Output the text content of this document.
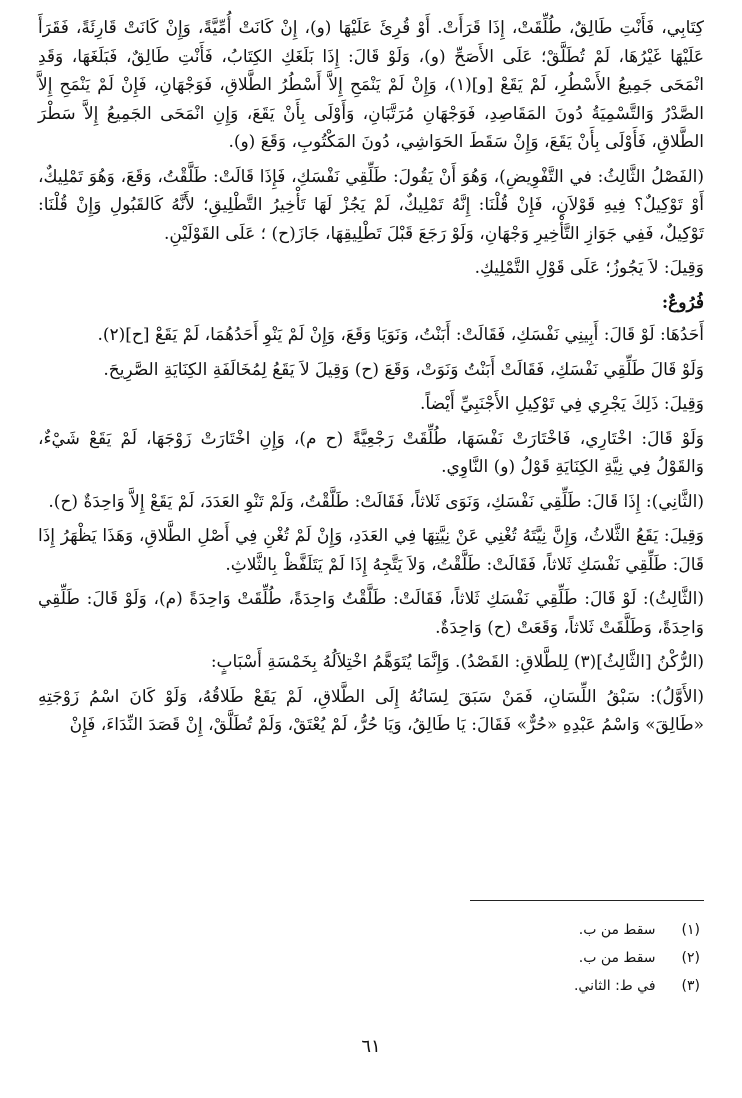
كِتَابِي، فَأَنْتِ طَالِقٌ، طُلِّقَتْ، إِذَا قَرَأَتْ. أَوْ قُرِئَ عَلَيْهَا (و)، إِنْ كَانَتْ أُمِّيَّةً، وَإِنْ كَانَتْ قَارِئَةً، فَقَرَأَ عَلَيْهَا غَيْرُهَا، لَمْ تُطَلَّقْ؛ عَلَى الأَصَحِّ (و)، وَلَوْ قَالَ: إِذَا بَلَغَكِ الكِتَابُ، فَأَنْتِ طَالِقٌ، فَبَلَغَهَا، وَقَدِ انْمَحَى جَمِيعُ الأَسْطُرِ، لَمْ يَقَعْ [و](١)، وَإِنْ لَمْ يَنْمَحِ إِلاَّ أَسْطُرُ الطَّلاقِ، فَوَجْهَانِ، فَإِنْ لَمْ يَنْمَحِ إِلاَّ الصَّدْرُ وَالتَّسْمِيَةُ دُونَ المَقَاصِدِ، فَوَجْهَانِ مُرَتَّبَانِ، وَأَوْلَى بِأَنْ يَقَعَ، وَإِنِ انْمَحَى الجَمِيعُ إِلاَّ سَطْرَ الطَّلاقِ، فَأَوْلَى بِأَنْ يَقَعَ، وَإِنْ سَقَطَ الحَوَاشِي، دُونَ المَكْتُوبِ، وَقَعَ (و).

(الفَصْلُ الثَّالِثُ: في التَّفْوِيضِ)، وَهُوَ أَنْ يَقُولَ: طَلِّقِي نَفْسَكِ، فَإِذَا قَالَتْ: طَلَّقْتُ، وَقَعَ، وَهُوَ تَمْلِيكٌ، أَوْ تَوْكِيلٌ؟ فِيهِ قَوْلاَنِ، فَإِنْ قُلْنَا: إِنَّهُ تَمْلِيكٌ، لَمْ يَجُزْ لَهَا تَأْخِيرُ التَّطْلِيقِ؛ لأَنَّهُ كَالقَبُولِ وَإِنْ قُلْنَا: تَوْكِيلٌ، فَفِي جَوَازِ التَّأْخِيرِ وَجْهَانِ، وَلَوْ رَجَعَ قَبْلَ تَطْلِيقِهَا، جَازَ(ح) ؛ عَلَى القَوْلَيْنِ.

وَقِيلَ: لاَ يَجُوزُ؛ عَلَى قَوْلِ التَّمْلِيكِ.

فُرُوعٌ:

أَحَدُهَا: لَوْ قَالَ: أَبِينِي نَفْسَكِ، فَقَالَتْ: أَبَنْتُ، وَنَوَيَا وَقَعَ، وَإِنْ لَمْ يَنْوِ أَحَدُهُمَا، لَمْ يَقَعْ [ح](٢).

وَلَوْ قَالَ طَلِّقِي نَفْسَكِ، فَقَالَتْ أَبَنْتُ وَنَوَتْ، وَقَعَ (ح) وَقِيلَ لاَ يَقَعُ لِمُخَالَفَةِ الكِنَايَةِ الصَّرِيحَ.

وَقِيلَ: ذَلِكَ يَجْرِي فِي تَوْكِيلِ الأَجْنَبِيِّ أَيْضاً.

وَلَوْ قَالَ: اخْتَارِي، فَاخْتَارَتْ نَفْسَهَا، طُلِّقَتْ رَجْعِيَّةً (ح م)، وَإِنِ اخْتَارَتْ زَوْجَهَا، لَمْ يَقَعْ شَيْءٌ، وَالقَوْلُ فِي نِيَّةِ الكِنَايَةِ قَوْلُ (و) النَّاوِي.

(الثَّانِي): إِذَا قَالَ: طَلِّقِي نَفْسَكِ، وَنَوَى ثَلاثاً، فَقَالَتْ: طَلَّقْتُ، وَلَمْ تَنْوِ العَدَدَ، لَمْ يَقَعْ إِلاَّ وَاحِدَةٌ (ح).

وَقِيلَ: يَقَعُ الثَّلاثُ، وَإِنَّ نِيَّتَهُ تُغْنِي عَنْ نِيَّتِهَا فِي العَدَدِ، وَإِنْ لَمْ تُغْنِ فِي أَصْلِ الطَّلاقِ، وَهَذَا يَظْهَرُ إِذَا قَالَ: طَلِّقِي نَفْسَكِ ثَلاثاً، فَقَالَتْ: طَلَّقْتُ، وَلاَ يَتَّجِهُ إِذَا لَمْ يَتَلَفَّظْ بِالثَّلاثِ.

(الثَّالِثُ): لَوْ قَالَ: طَلِّقِي نَفْسَكِ ثَلاثاً، فَقَالَتْ: طَلَّقْتُ وَاحِدَةً، طُلِّقَتْ وَاحِدَةً (م)، وَلَوْ قَالَ: طَلِّقِي وَاحِدَةً، وَطَلَّقَتْ ثَلاثاً، وَقَعَتْ (ح) وَاحِدَةٌ.

(الرُّكْنُ [الثَّالِثُ](٣) لِلطَّلاقِ: القَصْدُ). وَإِنَّمَا يُتَوَهَّمُ اخْتِلاَلُهُ بِخَمْسَةِ أَسْبَابٍ:

(الأَوَّلُ): سَبْقُ اللِّسَانِ، فَمَنْ سَبَقَ لِسَانُهُ إِلَى الطَّلاقِ، لَمْ يَقَعْ طَلاقُهُ، وَلَوْ كَانَ اسْمُ زَوْجَتِهِ «طَالِقَ» وَاسْمُ عَبْدِهِ «حُرٌّ» فَقَالَ: يَا طَالِقُ، وَيَا حُرُّ، لَمْ يُعْتَقْ، وَلَمْ تُطَلَّقْ، إِنْ قَصَدَ النِّدَاءَ، فَإِنْ

(١) سقط من ب.
(٢) سقط من ب.
(٣) في ط: الثاني.
٦١
